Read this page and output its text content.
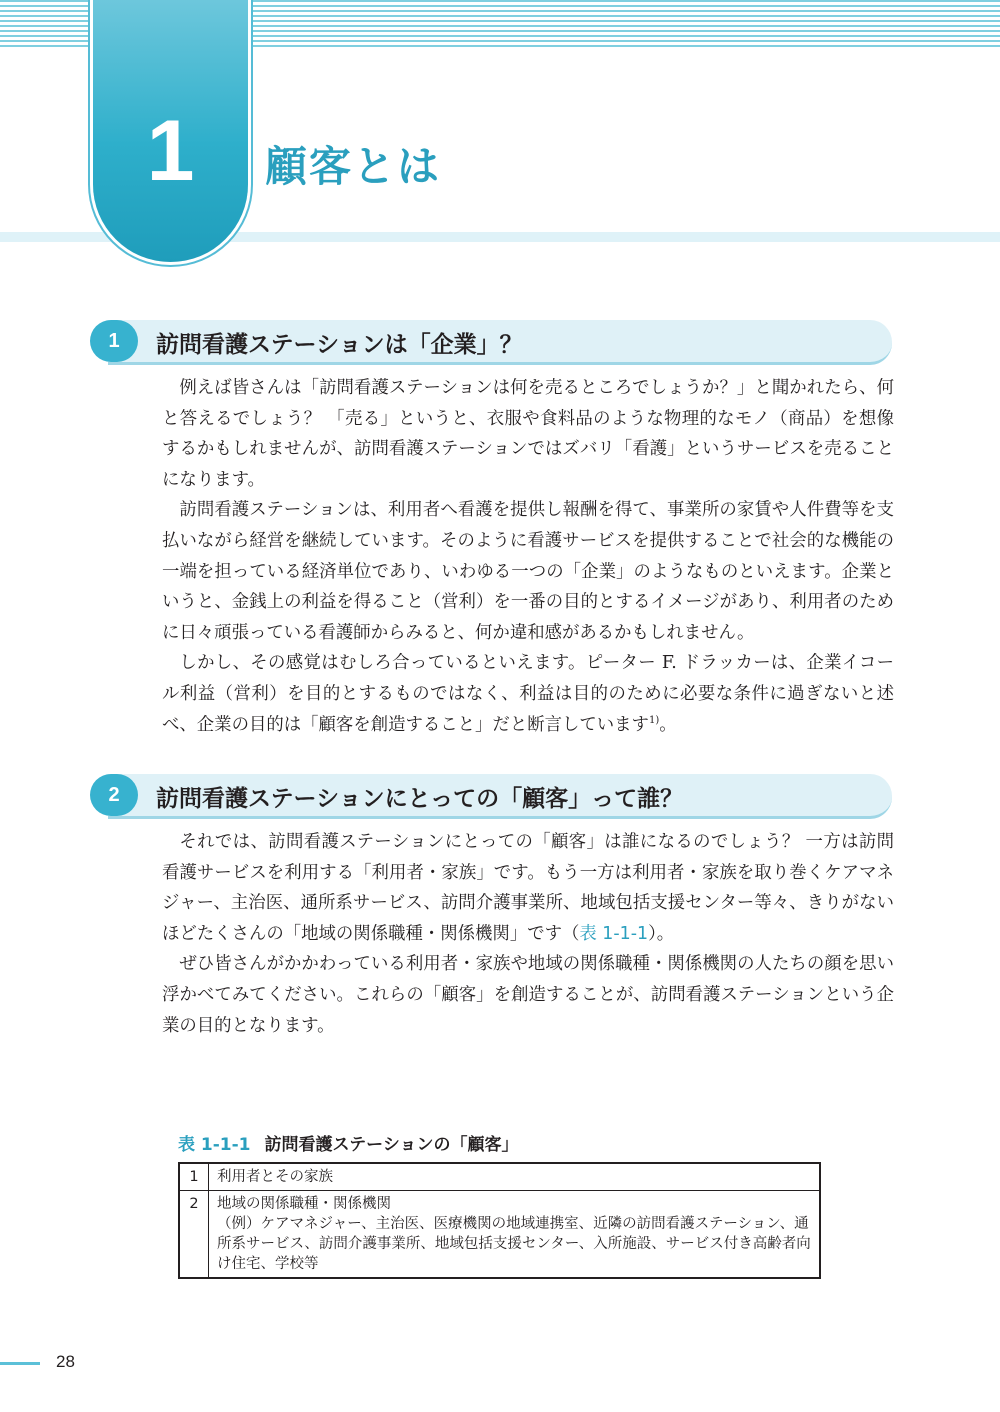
1	顧客とは
1	訪問看護ステーションは「企業」？

例えば皆さんは「訪問看護ステーションは何を売るところでしょうか？」と聞かれたら、何と答えるでしょう？ 「売る」というと、衣服や食料品のような物理的なモノ（商品）を想像するかもしれませんが、訪問看護ステーションではズバリ「看護」というサービスを売ることになります。

訪問看護ステーションは、利用者へ看護を提供し報酬を得て、事業所の家賃や人件費等を支払いながら経営を継続しています。そのように看護サービスを提供することで社会的な機能の一端を担っている経済単位であり、いわゆる一つの「企業」のようなものといえます。企業というと、金銭上の利益を得ること（営利）を一番の目的とするイメージがあり、利用者のために日々頑張っている看護師からみると、何か違和感があるかもしれません。

しかし、その感覚はむしろ合っているといえます。ピーター F. ドラッカーは、企業イコール利益（営利）を目的とするものではなく、利益は目的のために必要な条件に過ぎないと述べ、企業の目的は「顧客を創造すること」だと断言しています$^{1)}$。

2	訪問看護ステーションにとっての「顧客」って誰？

それでは、訪問看護ステーションにとっての「顧客」は誰になるのでしょう？ 一方は訪問看護サービスを利用する「利用者・家族」です。もう一方は利用者・家族を取り巻くケアマネジャー、主治医、通所系サービス、訪問介護事業所、地域包括支援センター等々、きりがないほどたくさんの「地域の関係職種・関係機関」です（表 1-1-1）。

ぜひ皆さんがかかわっている利用者・家族や地域の関係職種・関係機関の人たちの顔を思い浮かべてみてください。これらの「顧客」を創造することが、訪問看護ステーションという企業の目的となります。

表 1-1-1 訪問看護ステーションの「顧客」
1	利用者とその家族

2	地域の関係職種・関係機関
（例）ケアマネジャー、主治医、医療機関の地域連携室、近隣の訪問看護ステーション、通所系サービス、訪問介護事業所、地域包括支援センター、入所施設、サービス付き高齢者向け住宅、学校等
28
